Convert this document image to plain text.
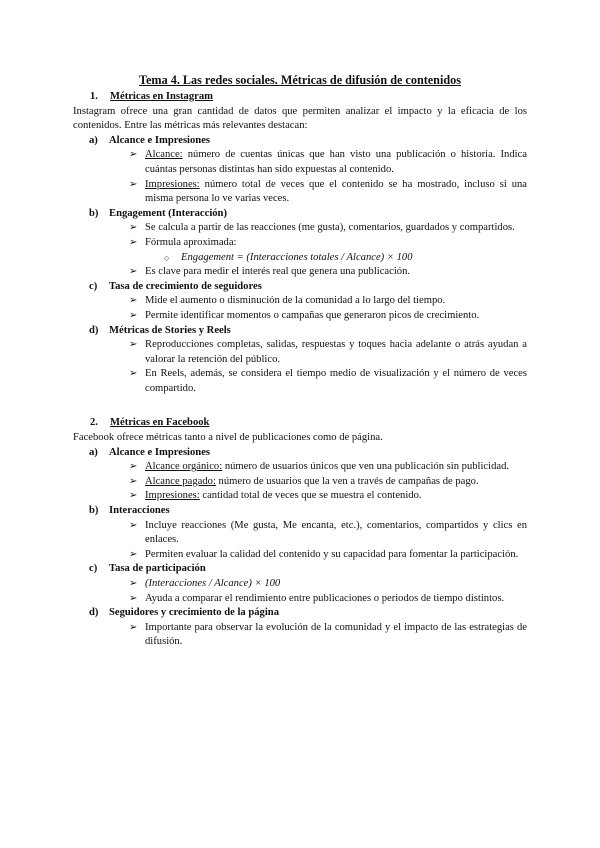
Tema 4. Las redes sociales. Métricas de difusión de contenidos
1. Métricas en Instagram
Instagram ofrece una gran cantidad de datos que permiten analizar el impacto y la eficacia de los contenidos. Entre las métricas más relevantes destacan:
a) Alcance e Impresiones
➢ Alcance: número de cuentas únicas que han visto una publicación o historia. Indica cuántas personas distintas han sido expuestas al contenido.
➢ Impresiones: número total de veces que el contenido se ha mostrado, incluso si una misma persona lo ve varias veces.
b) Engagement (Interacción)
➢ Se calcula a partir de las reacciones (me gusta), comentarios, guardados y compartidos.
➢ Fórmula aproximada:
○ Engagement = (Interacciones totales / Alcance) × 100
➢ Es clave para medir el interés real que genera una publicación.
c) Tasa de crecimiento de seguidores
➢ Mide el aumento o disminución de la comunidad a lo largo del tiempo.
➢ Permite identificar momentos o campañas que generaron picos de crecimiento.
d) Métricas de Stories y Reels
➢ Reproducciones completas, salidas, respuestas y toques hacia adelante o atrás ayudan a valorar la retención del público.
➢ En Reels, además, se considera el tiempo medio de visualización y el número de veces compartido.
2. Métricas en Facebook
Facebook ofrece métricas tanto a nivel de publicaciones como de página.
a) Alcance e Impresiones
➢ Alcance orgánico: número de usuarios únicos que ven una publicación sin publicidad.
➢ Alcance pagado: número de usuarios que la ven a través de campañas de pago.
➢ Impresiones: cantidad total de veces que se muestra el contenido.
b) Interacciones
➢ Incluye reacciones (Me gusta, Me encanta, etc.), comentarios, compartidos y clics en enlaces.
➢ Permiten evaluar la calidad del contenido y su capacidad para fomentar la participación.
c) Tasa de participación
➢ (Interacciones / Alcance) × 100
➢ Ayuda a comparar el rendimiento entre publicaciones o periodos de tiempo distintos.
d) Seguidores y crecimiento de la página
➢ Importante para observar la evolución de la comunidad y el impacto de las estrategias de difusión.
